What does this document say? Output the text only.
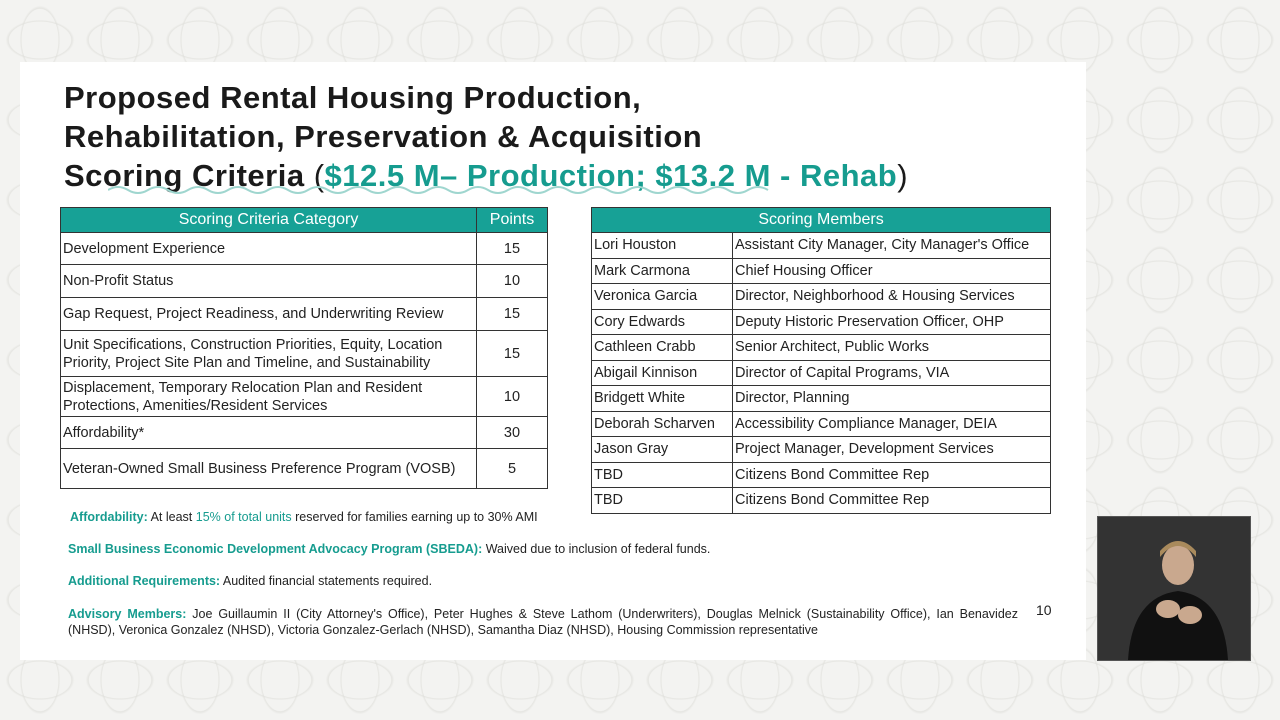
Proposed Rental Housing Production,
Rehabilitation, Preservation & Acquisition
Scoring Criteria ($12.5 M– Production; $13.2 M - Rehab)
Scoring Criteria Category	Points
Development Experience	15
Non-Profit Status	10
Gap Request, Project Readiness, and Underwriting Review	15
Unit Specifications, Construction Priorities, Equity, Location Priority, Project Site Plan and Timeline, and Sustainability	15
Displacement, Temporary Relocation Plan and Resident Protections, Amenities/Resident Services	10
Affordability*	30
Veteran-Owned Small Business Preference Program (VOSB)	5
Scoring Members	
Lori Houston	Assistant City Manager, City Manager's Office
Mark Carmona	Chief Housing Officer
Veronica Garcia	Director, Neighborhood & Housing Services
Cory Edwards	Deputy Historic Preservation Officer, OHP
Cathleen Crabb	Senior Architect, Public Works
Abigail Kinnison	Director of Capital Programs, VIA
Bridgett White	Director, Planning
Deborah Scharven	Accessibility Compliance Manager, DEIA
Jason Gray	Project Manager, Development Services
TBD	Citizens Bond Committee Rep
TBD	Citizens Bond Committee Rep
Affordability: At least 15% of total units reserved for families earning up to 30% AMI
Small Business Economic Development Advocacy Program (SBEDA): Waived due to inclusion of federal funds.
Additional Requirements: Audited financial statements required.
Advisory Members: Joe Guillaumin II (City Attorney's Office), Peter Hughes & Steve Lathom (Underwriters), Douglas Melnick (Sustainability Office), Ian Benavidez (NHSD), Veronica Gonzalez (NHSD), Victoria Gonzalez-Gerlach (NHSD), Samantha Diaz (NHSD), Housing Commission representative
10
